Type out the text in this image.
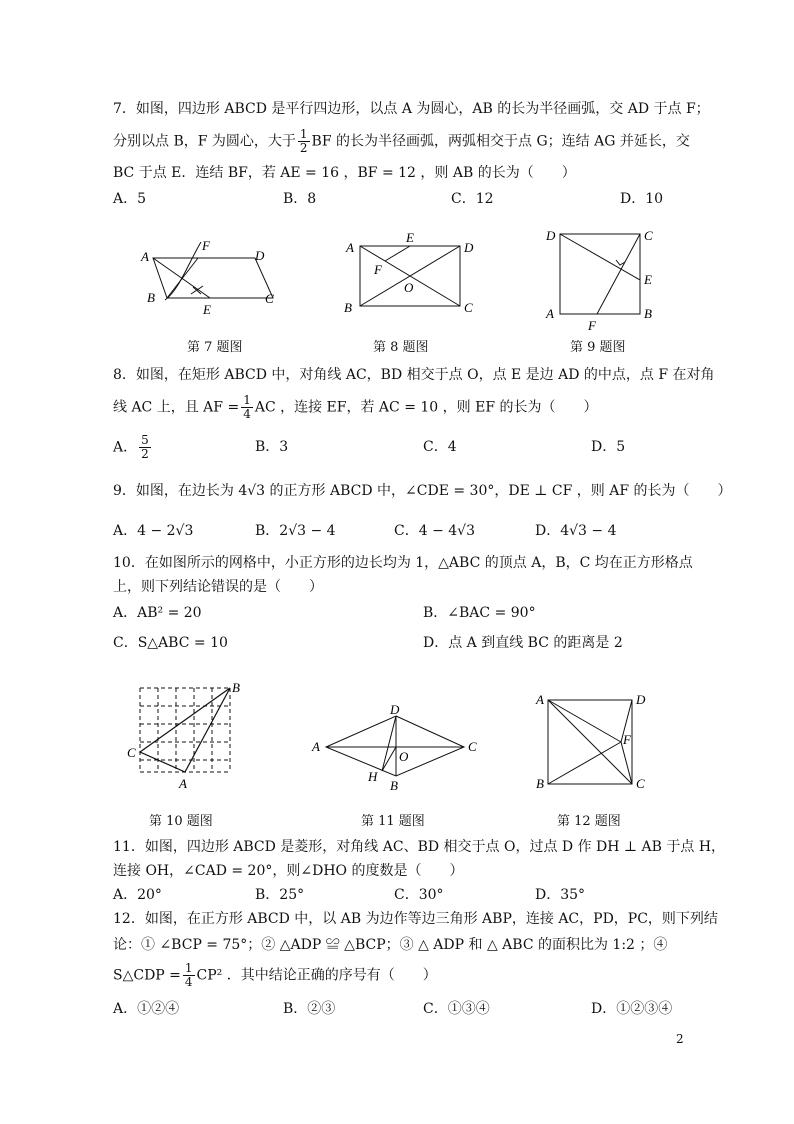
7．如图，四边形 ABCD 是平行四边形，以点 A 为圆心，AB 的长为半径画弧，交 AD 于点 F；
分别以点 B，F 为圆心，大于 $\frac{1}{2}$ BF 的长为半径画弧，两弧相交于点 G；连结 AG 并延长，交
BC 于点 E．连结 BF，若 AE = 16 ，BF = 12 ，则 AB 的长为（　　）
A．5	B．8	C．12	D．10
A
F
D
B
E
C
A
E
D
F
O
B	C
D	C
E
A
F
B
第 7 题图	第 8 题图	第 9 题图
8．如图，在矩形 ABCD 中，对角线 AC，BD 相交于点 O，点 E 是边 AD 的中点，点 F 在对角
线 AC 上，且 AF = $\frac{1}{4}$ AC ，连接 EF，若 AC = 10 ，则 EF 的长为（　　）
A． $\frac{5}{2}$	B．3	C．4	D．5
9．如图，在边长为 4√3 的正方形 ABCD 中，∠CDE = 30°，DE ⊥ CF ，则 AF 的长为（　　）
A．4 − 2√3	B．2√3 − 4	C．4 − 4√3	D．4√3 − 4
10．在如图所示的网格中，小正方形的边长均为 1，△ABC 的顶点 A，B，C 均在正方形格点
上，则下列结论错误的是（　　）
A．AB² = 20	B．∠BAC = 90°
C．S△ABC = 10	D．点 A 到直线 BC 的距离是 2
B
C
A
D
A
O
C
H
B
A	D
F
B	C
第 10 题图	第 11 题图	第 12 题图
11．如图，四边形 ABCD 是菱形，对角线 AC、BD 相交于点 O，过点 D 作 DH ⊥ AB 于点 H，
连接 OH，∠CAD = 20°，则∠DHO 的度数是（　　）
A．20°	B．25°	C．30°	D．35°
12．如图，在正方形 ABCD 中，以 AB 为边作等边三角形 ABP，连接 AC，PD，PC，则下列结
论：① ∠BCP = 75°；② △ADP ≌ △BCP；③ △ ADP 和 △ ABC 的面积比为 1:2 ；④
S△CDP = $\frac{1}{4} CP^2$ ．其中结论正确的序号有（　　）
A．①②④	B．②③	C．①③④	D．①②③④
2
